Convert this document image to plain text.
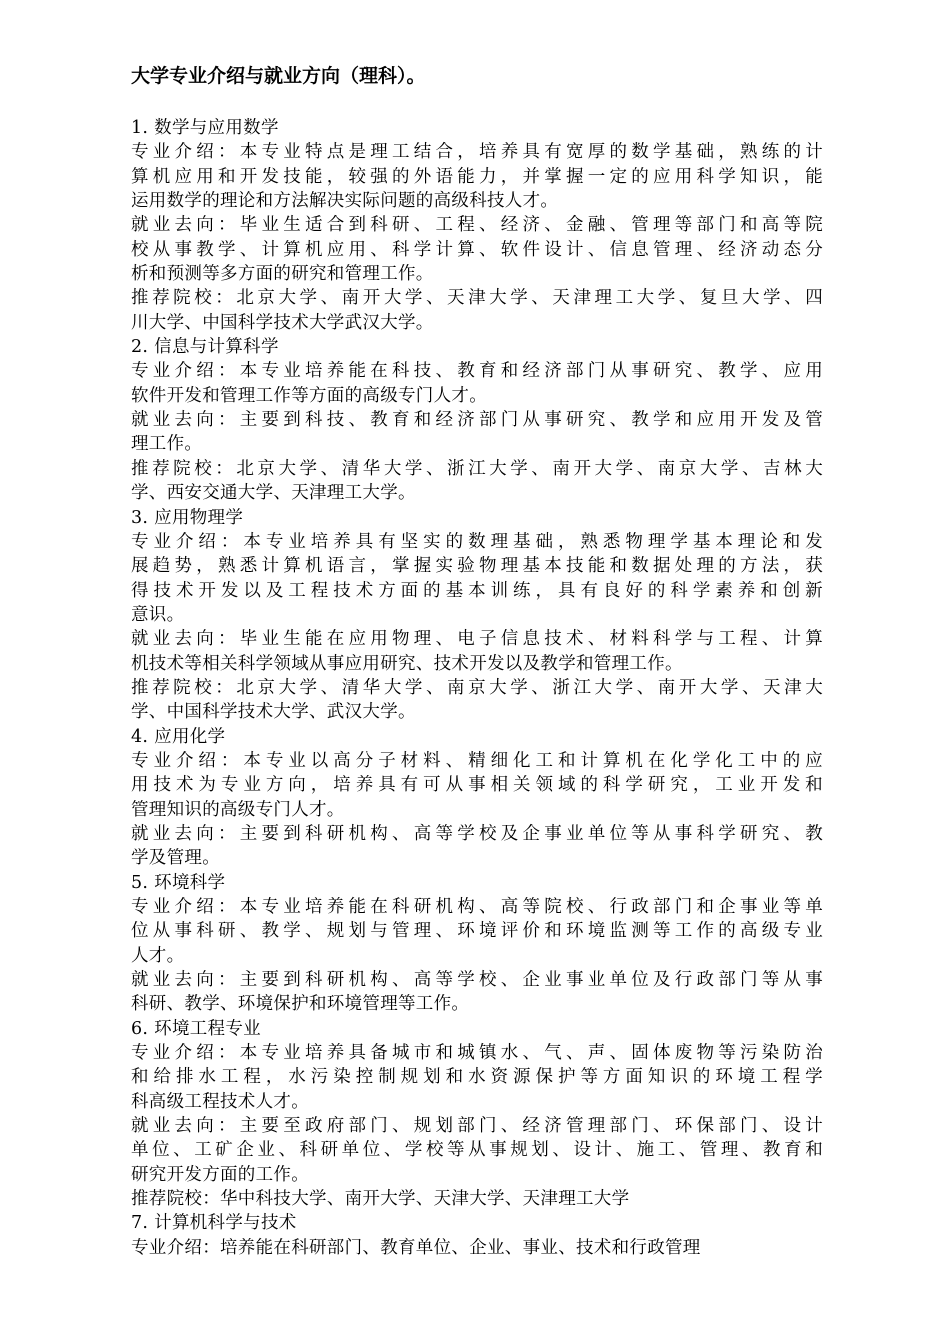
大学专业介绍与就业方向（理科）。
1. 数学与应用数学
专业介绍：本专业特点是理工结合，培养具有宽厚的数学基础，熟练的计
算机应用和开发技能，较强的外语能力，并掌握一定的应用科学知识，能
运用数学的理论和方法解决实际问题的高级科技人才。
就业去向：毕业生适合到科研、工程、经济、金融、管理等部门和高等院
校从事教学、计算机应用、科学计算、软件设计、信息管理、经济动态分
析和预测等多方面的研究和管理工作。
推荐院校：北京大学、南开大学、天津大学、天津理工大学、复旦大学、四
川大学、中国科学技术大学武汉大学。
2. 信息与计算科学
专业介绍：本专业培养能在科技、教育和经济部门从事研究、教学、应用
软件开发和管理工作等方面的高级专门人才。
就业去向：主要到科技、教育和经济部门从事研究、教学和应用开发及管
理工作。
推荐院校：北京大学、清华大学、浙江大学、南开大学、南京大学、吉林大
学、西安交通大学、天津理工大学。
3. 应用物理学
专业介绍：本专业培养具有坚实的数理基础，熟悉物理学基本理论和发
展趋势，熟悉计算机语言，掌握实验物理基本技能和数据处理的方法，获
得技术开发以及工程技术方面的基本训练，具有良好的科学素养和创新
意识。
就业去向：毕业生能在应用物理、电子信息技术、材料科学与工程、计算
机技术等相关科学领域从事应用研究、技术开发以及教学和管理工作。
推荐院校：北京大学、清华大学、南京大学、浙江大学、南开大学、天津大
学、中国科学技术大学、武汉大学。
4. 应用化学
专业介绍：本专业以高分子材料、精细化工和计算机在化学化工中的应
用技术为专业方向，培养具有可从事相关领域的科学研究，工业开发和
管理知识的高级专门人才。
就业去向：主要到科研机构、高等学校及企事业单位等从事科学研究、教
学及管理。
5. 环境科学
专业介绍：本专业培养能在科研机构、高等院校、行政部门和企事业等单
位从事科研、教学、规划与管理、环境评价和环境监测等工作的高级专业
人才。
就业去向：主要到科研机构、高等学校、企业事业单位及行政部门等从事
科研、教学、环境保护和环境管理等工作。
6. 环境工程专业
专业介绍：本专业培养具备城市和城镇水、气、声、固体废物等污染防治
和给排水工程，水污染控制规划和水资源保护等方面知识的环境工程学
科高级工程技术人才。
就业去向：主要至政府部门、规划部门、经济管理部门、环保部门、设计
单位、工矿企业、科研单位、学校等从事规划、设计、施工、管理、教育和
研究开发方面的工作。
推荐院校：华中科技大学、南开大学、天津大学、天津理工大学
7. 计算机科学与技术
专业介绍：培养能在科研部门、教育单位、企业、事业、技术和行政管理
